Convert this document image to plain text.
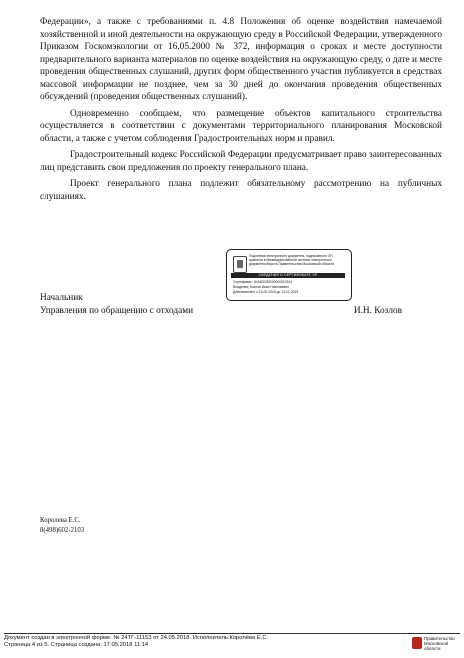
Федерации», а также с требованиями п. 4.8 Положения об оценке воздействия намечаемой хозяйственной и иной деятельности на окружающую среду в Российской Федерации, утвержденного Приказом Госкомэкологии от 16.05.2000 № 372, информация о сроках и месте доступности предварительного варианта материалов по оценке воздействия на окружающую среду, о дате и месте проведения общественных слушаний, других форм общественного участия публикуется в средствах массовой информации не позднее, чем за 30 дней до окончания проведения общественных обсуждений (проведения общественных слушаний).

Одновременно сообщаем, что размещение объектов капитального строительства осуществляется в соответствии с документами территориального планирования Московской области, а также с учетом соблюдения Градостроительных норм и правил.

Градостроительный кодекс Российской Федерации предусматривает право заинтересованных лиц представить свои предложения по проекту генерального плана.

Проект генерального плана подлежит обязательному рассмотрению на публичных слушаниях.

Подлинник электронного документа, подписанного ЭП, хранится в Межведомственной системе электронного документооборота Правительства Московской области
СВЕДЕНИЯ О СЕРТИФИКАТЕ ЭП
Сертификат: 1KA6DC83000000012914
Владелец: Козлов Иван Николаевич
Действителен: с 13-02-2018 до 13-02-2019
Начальник
Управления по обращению с отходами	И.Н. Козлов
Королева Е.С.
8(498)602-2103
Документ создан в электронной форме. № 24ТГ-11153 от 24.05.2018. Исполнитель:Королёва Е.С.
Страница 4 из 5. Страница создана: 17.05.2018 11:14
Правительство
Московской области
